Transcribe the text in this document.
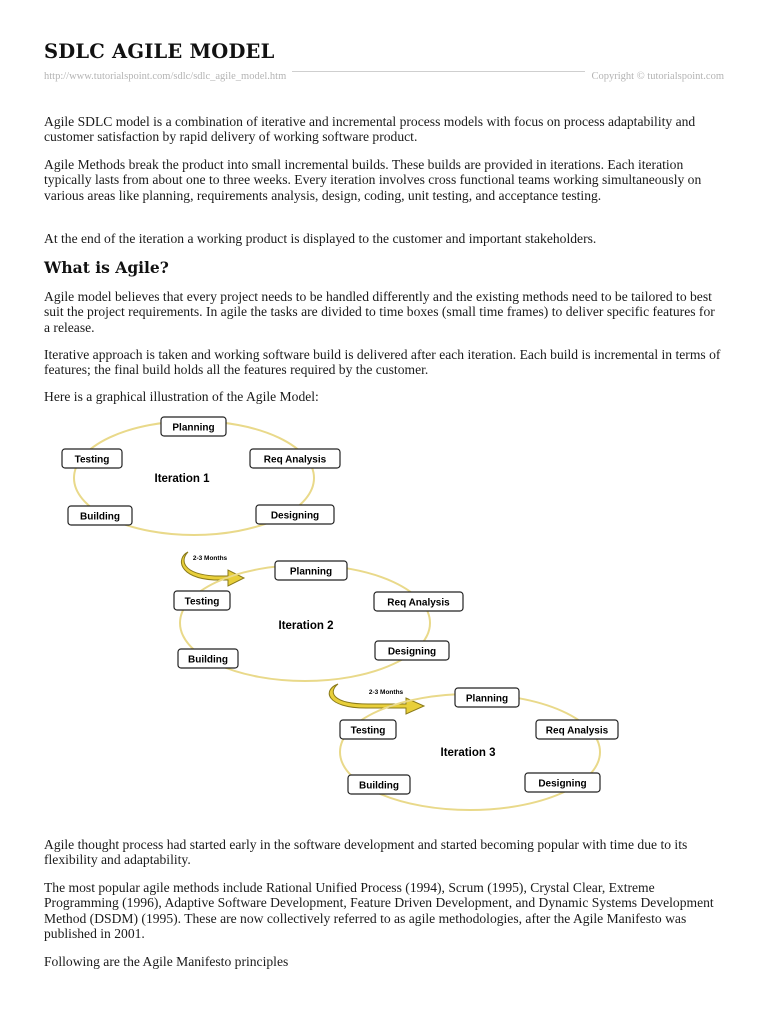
SDLC AGILE MODEL
http://www.tutorialspoint.com/sdlc/sdlc_agile_model.htm	Copyright © tutorialspoint.com

Agile SDLC model is a combination of iterative and incremental process models with focus on process adaptability and customer satisfaction by rapid delivery of working software product.

Agile Methods break the product into small incremental builds. These builds are provided in iterations. Each iteration typically lasts from about one to three weeks. Every iteration involves cross functional teams working simultaneously on various areas like planning, requirements analysis, design, coding, unit testing, and acceptance testing.

At the end of the iteration a working product is displayed to the customer and important stakeholders.

What is Agile?

Agile model believes that every project needs to be handled differently and the existing methods need to be tailored to best suit the project requirements. In agile the tasks are divided to time boxes (small time frames) to deliver specific features for a release.

Iterative approach is taken and working software build is delivered after each iteration. Each build is incremental in terms of features; the final build holds all the features required by the customer.

Here is a graphical illustration of the Agile Model:

Agile thought process had started early in the software development and started becoming popular with time due to its flexibility and adaptability.

The most popular agile methods include Rational Unified Process (1994), Scrum (1995), Crystal Clear, Extreme Programming (1996), Adaptive Software Development, Feature Driven Development, and Dynamic Systems Development Method (DSDM) (1995). These are now collectively referred to as agile methodologies, after the Agile Manifesto was published in 2001.

Following are the Agile Manifesto principles

Iteration 1
Planning
Req Analysis
Designing
Building
Testing
2-3 Months
Iteration 2
Planning
Req Analysis
Designing
Building
Testing
2-3 Months
Iteration 3
Planning
Req Analysis
Designing
Building
Testing
